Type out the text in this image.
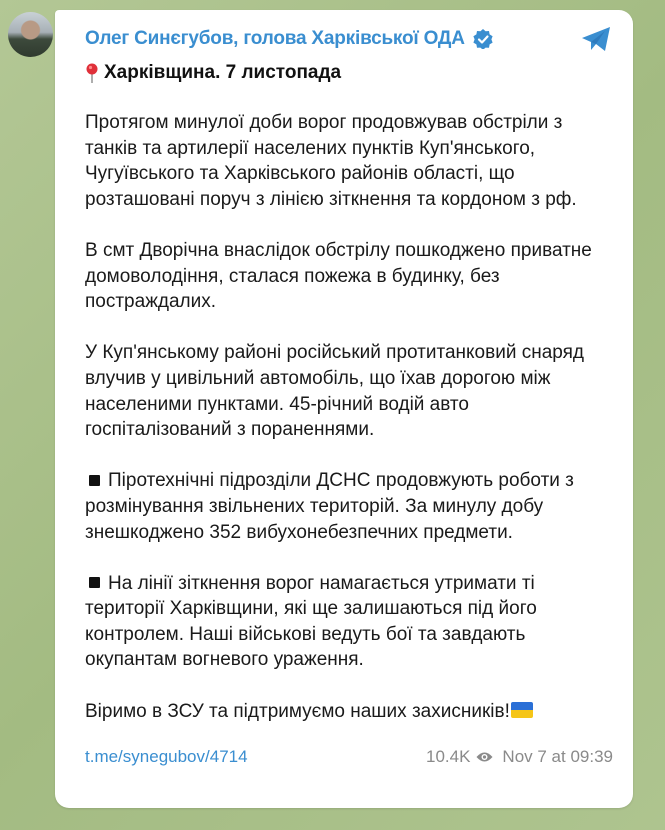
Олег Синєгубов, голова Харківської ОДА
Харківщина. 7 листопада

Протягом минулої доби ворог продовжував обстріли з танків та артилерії населених пунктів Куп'янського, Чугуївського та Харківського районів області, що розташовані поруч з лінією зіткнення та кордоном з рф.

В смт Дворічна внаслідок обстрілу пошкоджено приватне домоволодіння, сталася пожежа в будинку, без постраждалих.

У Куп'янському районі російський протитанковий снаряд влучив у цивільний автомобіль, що їхав дорогою між населеними пунктами. 45-річний водій авто госпіталізований з пораненнями.

Піротехнічні підрозділи ДСНС продовжують роботи з розмінування звільнених територій. За минулу добу знешкоджено 352 вибухонебезпечних предмети.

На лінії зіткнення ворог намагається утримати ті території Харківщини, які ще залишаються під його контролем. Наші військові ведуть бої та завдають окупантам вогневого ураження.

Віримо в ЗСУ та підтримуємо наших захисників!

t.me/synegubov/4714	10.4K Nov 7 at 09:39
